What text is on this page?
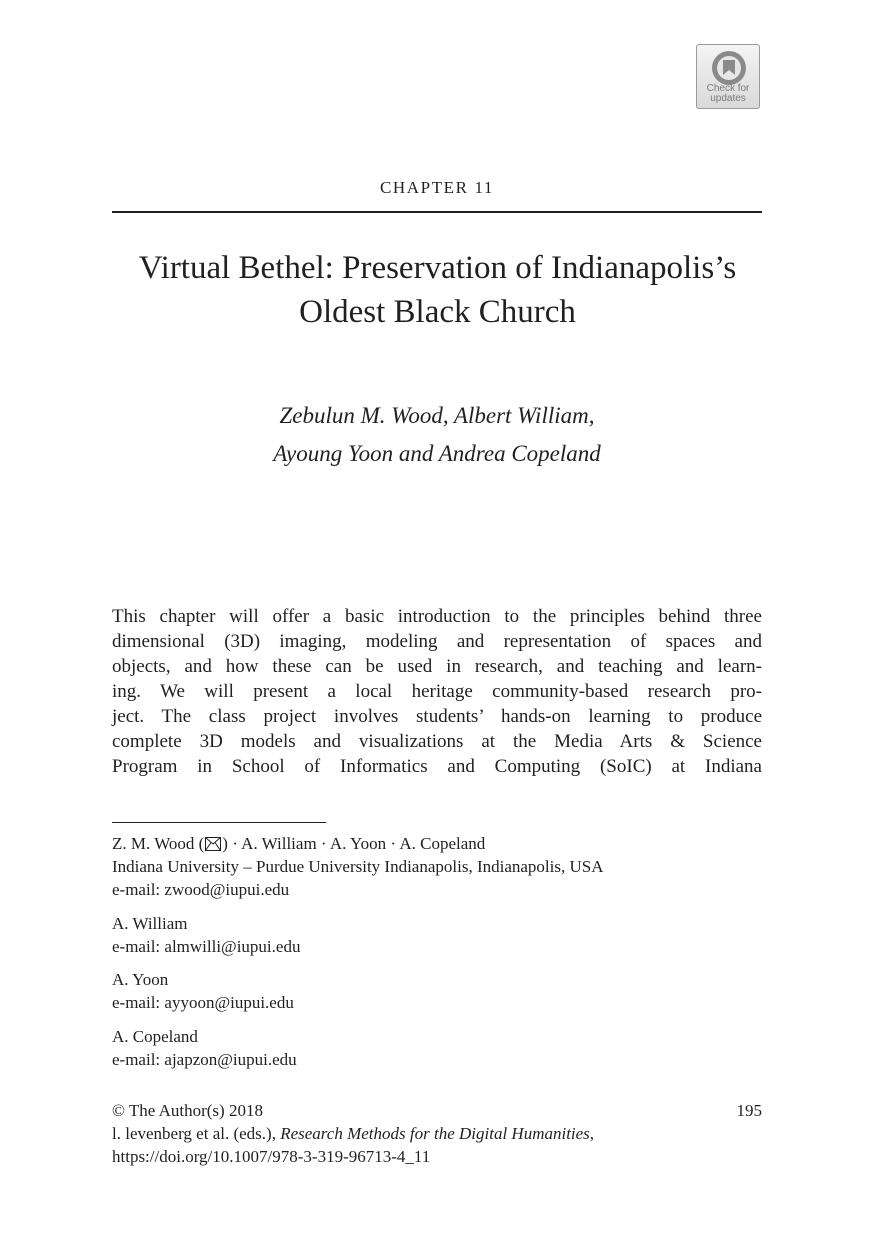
Check for
updates
CHAPTER 11
Virtual Bethel: Preservation of Indianapolis’s
Oldest Black Church
Zebulun M. Wood, Albert William,
Ayoung Yoon and Andrea Copeland
This chapter will offer a basic introduction to the principles behind three
dimensional (3D) imaging, modeling and representation of spaces and
objects, and how these can be used in research, and teaching and learn-
ing. We will present a local heritage community-based research pro-
ject. The class project involves students’ hands-on learning to produce
complete 3D models and visualizations at the Media Arts & Science
Program in School of Informatics and Computing (SoIC) at Indiana
Z. M. Wood ( ) · A. William · A. Yoon · A. Copeland
Indiana University – Purdue University Indianapolis, Indianapolis, USA
e-mail: zwood@iupui.edu
A. William
e-mail: almwilli@iupui.edu
A. Yoon
e-mail: ayyoon@iupui.edu
A. Copeland
e-mail: ajapzon@iupui.edu
© The Author(s) 2018	195
l. levenberg et al. (eds.), Research Methods for the Digital Humanities,
https://doi.org/10.1007/978-3-319-96713-4_11
